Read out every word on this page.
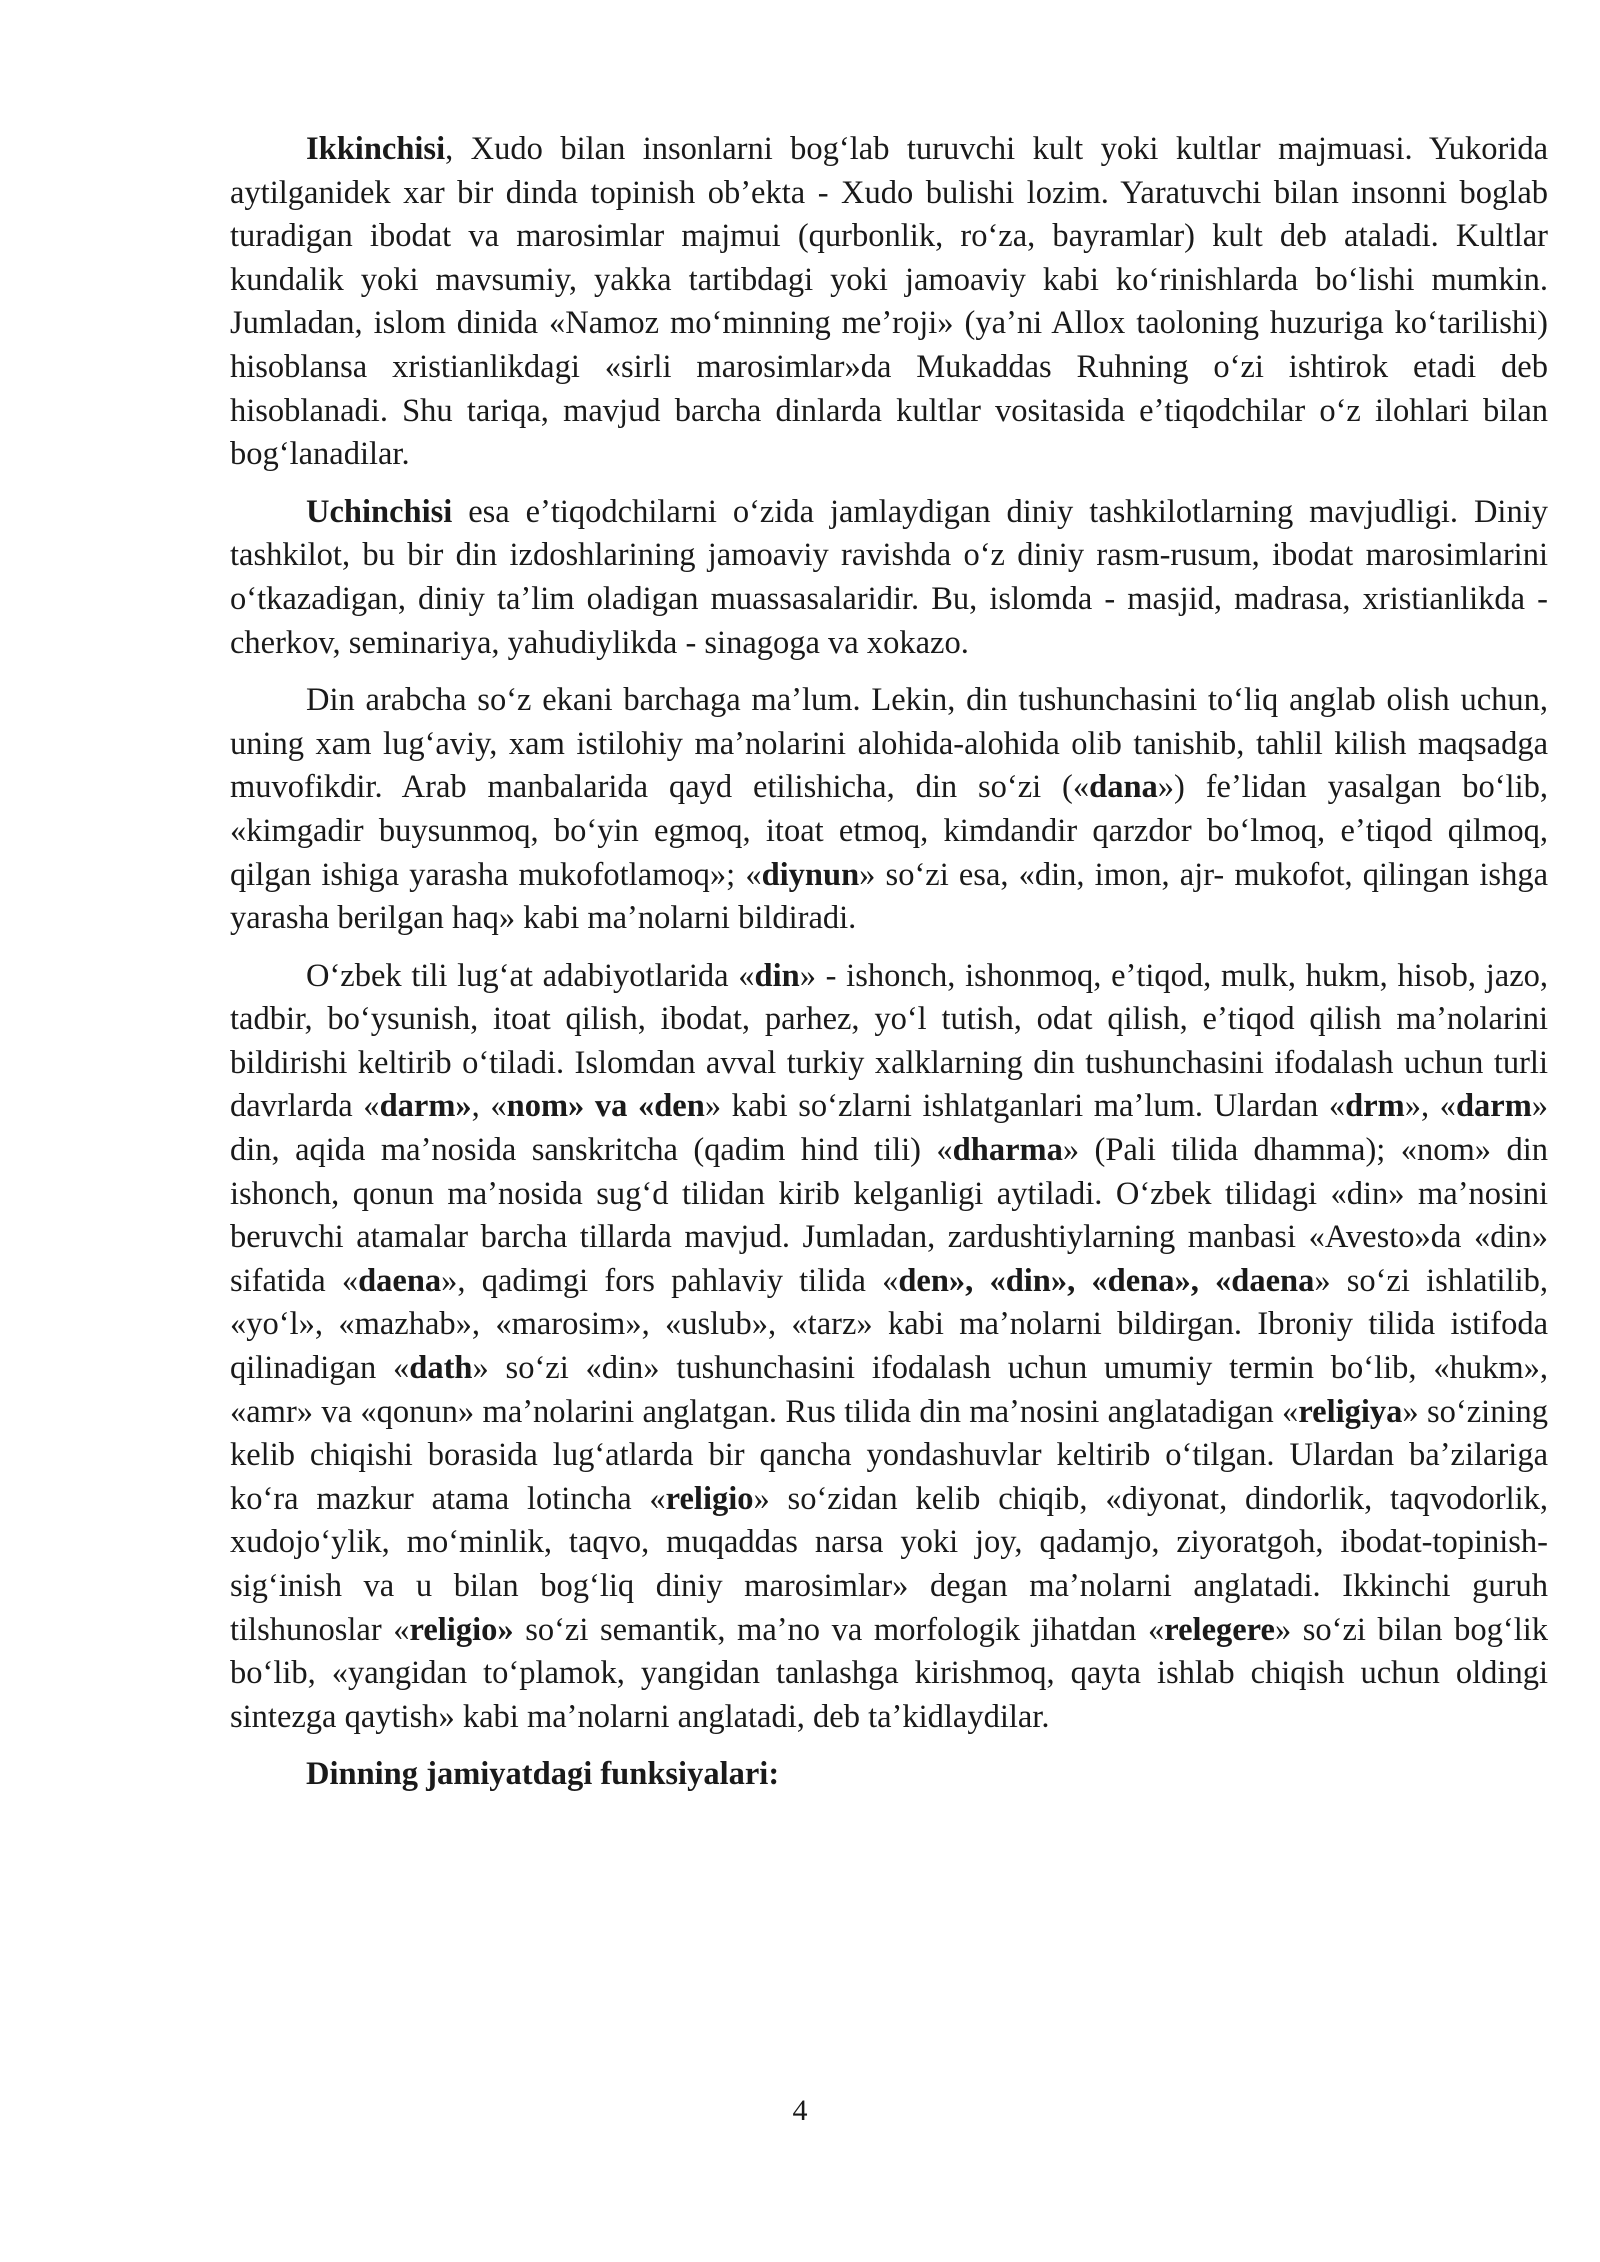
Ikkinchisi, Xudo bilan insonlarni bogʻlab turuvchi kult yoki kultlar majmuasi. Yukorida aytilganidek xar bir dinda topinish obʼekta - Xudo bulishi lozim. Yaratuvchi bilan insonni boglab turadigan ibodat va marosimlar majmui (qurbonlik, roʻza, bayramlar) kult deb ataladi. Kultlar kundalik yoki mavsumiy, yakka tartibdagi yoki jamoaviy kabi koʻrinishlarda boʻlishi mumkin. Jumladan, islom dinida «Namoz moʻminning meʼroji» (yaʼni Allox taoloning huzuriga koʻtarilishi) hisoblansa xristianlikdagi «sirli marosimlar»da Mukaddas Ruhning oʻzi ishtirok etadi deb hisoblanadi. Shu tariqa, mavjud barcha dinlarda kultlar vositasida eʼtiqodchilar oʻz ilohlari bilan bogʻlanadilar.

Uchinchisi esa eʼtiqodchilarni oʻzida jamlaydigan diniy tashkilotlarning mavjudligi. Diniy tashkilot, bu bir din izdoshlarining jamoaviy ravishda oʻz diniy rasm-rusum, ibodat marosimlarini oʻtkazadigan, diniy taʼlim oladigan muassasalaridir. Bu, islomda - masjid, madrasa, xristianlikda - cherkov, seminariya, yahudiylikda - sinagoga va xokazo.

Din arabcha soʻz ekani barchaga maʼlum. Lekin, din tushunchasini toʻliq anglab olish uchun, uning xam lugʻaviy, xam istilohiy maʼnolarini alohida-alohida olib tanishib, tahlil kilish maqsadga muvofikdir. Arab manbalarida qayd etilishicha, din soʻzi («dana») feʼlidan yasalgan boʻlib, «kimgadir buysunmoq, boʻyin egmoq, itoat etmoq, kimdandir qarzdor boʻlmoq, eʼtiqod qilmoq, qilgan ishiga yarasha mukofotlamoq»; «diynun» soʻzi esa, «din, imon, ajr- mukofot, qilingan ishga yarasha berilgan haq» kabi maʼnolarni bildiradi.

Oʻzbek tili lugʻat adabiyotlarida «din» - ishonch, ishonmoq, eʼtiqod, mulk, hukm, hisob, jazo, tadbir, boʻysunish, itoat qilish, ibodat, parhez, yoʻl tutish, odat qilish, eʼtiqod qilish maʼnolarini bildirishi keltirib oʻtiladi. Islomdan avval turkiy xalklarning din tushunchasini ifodalash uchun turli davrlarda «darm», «nom» va «den» kabi soʻzlarni ishlatganlari maʼlum. Ulardan «drm», «darm» din, aqida maʼnosida sanskritcha (qadim hind tili) «dharma» (Pali tilida dhamma); «nom» din ishonch, qonun maʼnosida sugʻd tilidan kirib kelganligi aytiladi. Oʻzbek tilidagi «din» maʼnosini beruvchi atamalar barcha tillarda mavjud. Jumladan, zardushtiylarning manbasi «Avesto»da «din» sifatida «daena», qadimgi fors pahlaviy tilida «den», «din», «dena», «daena» soʻzi ishlatilib, «yoʻl», «mazhab», «marosim», «uslub», «tarz» kabi maʼnolarni bildirgan. Ibroniy tilida istifoda qilinadigan «dath» soʻzi «din» tushunchasini ifodalash uchun umumiy termin boʻlib, «hukm», «amr» va «qonun» maʼnolarini anglatgan. Rus tilida din maʼnosini anglatadigan «religiya» soʻzining kelib chiqishi borasida lugʻatlarda bir qancha yondashuvlar keltirib oʻtilgan. Ulardan baʼzilariga koʻra mazkur atama lotincha «religio» soʻzidan kelib chiqib, «diyonat, dindorlik, taqvodorlik, xudojoʻylik, moʻminlik, taqvo, muqaddas narsa yoki joy, qadamjo, ziyoratgoh, ibodat-topinish-sigʻinish va u bilan bogʻliq diniy marosimlar» degan maʼnolarni anglatadi. Ikkinchi guruh tilshunoslar «religio» soʻzi semantik, maʼno va morfologik jihatdan «relegere» soʻzi bilan bogʻlik boʻlib, «yangidan toʻplamok, yangidan tanlashga kirishmoq, qayta ishlab chiqish uchun oldingi sintezga qaytish» kabi maʼnolarni anglatadi, deb taʼkidlaydilar.

Dinning jamiyatdagi funksiyalari:

4
